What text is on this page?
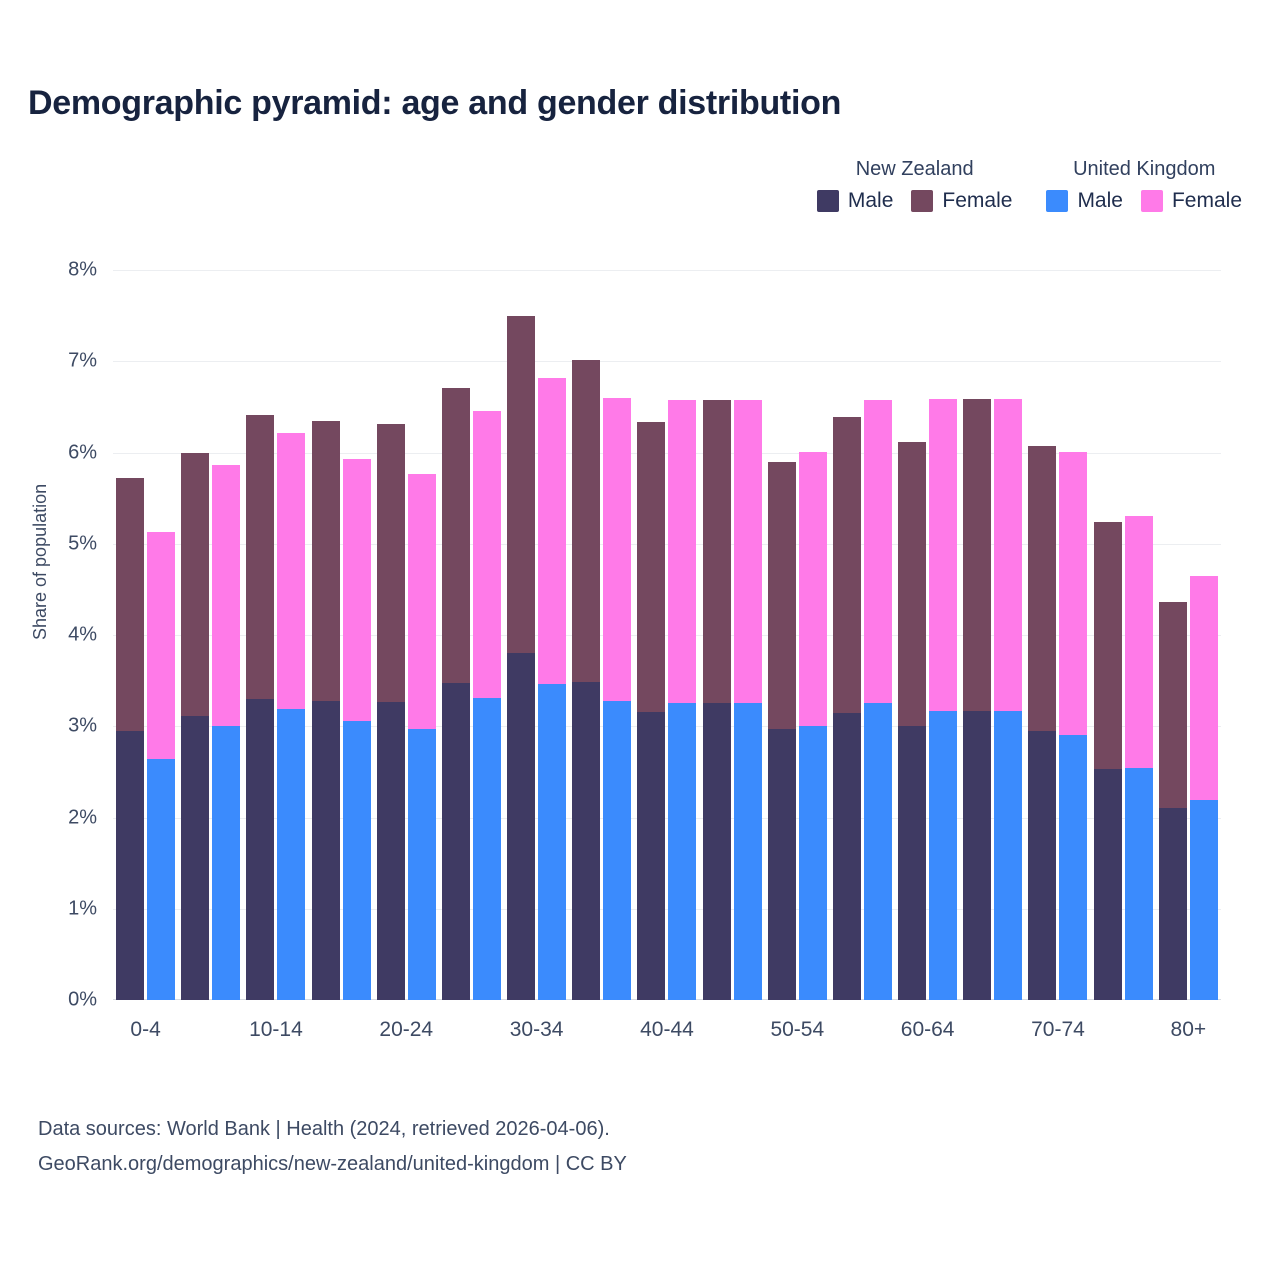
Demographic pyramid: age and gender distribution
New Zealand
Male Female
United Kingdom
Male Female
Share of population
0%
1%
2%
3%
4%
5%
6%
7%
8%
0-4	10-14	20-24	30-34	40-44	50-54	60-64	70-74	80+
Data sources: World Bank | Health (2024, retrieved 2026-04-06).
GeoRank.org/demographics/new-zealand/united-kingdom | CC BY
